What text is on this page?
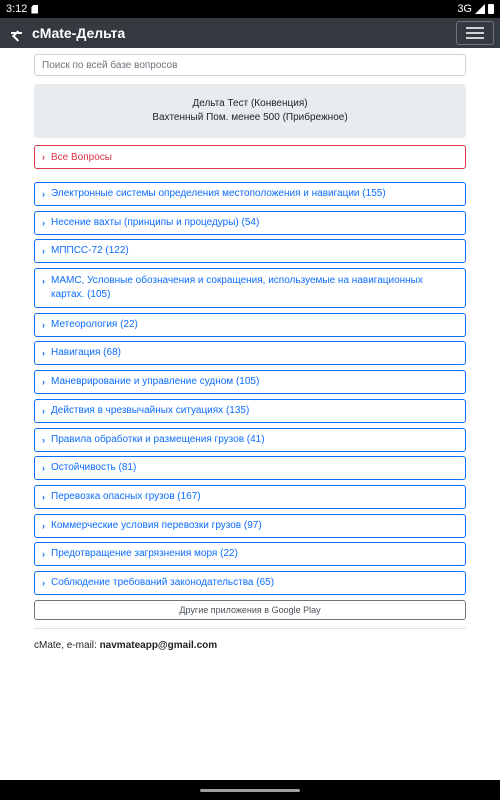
3:12	3G
cMate-Дельта
Поиск по всей базе вопросов
Дельта Тест (Конвенция)
Вахтенный Пом. менее 500 (Прибрежное)
› Все Вопросы
› Электронные системы определения местоположения и навигации (155)
› Несение вахты (принципы и процедуры) (54)
› МППСС-72 (122)
› МАМС, Условные обозначения и сокращения, используемые на навигационных картах. (105)
› Метеорология (22)
› Навигация (68)
› Маневрирование и управление судном (105)
› Действия в чрезвычайных ситуациях (135)
› Правила обработки и размещения грузов (41)
› Остойчивость (81)
› Перевозка опасных грузов (167)
› Коммерческие условия перевозки грузов (97)
› Предотвращение загрязнения моря (22)
› Соблюдение требований законодательства (65)
Другие приложения в Google Play
cMate, e-mail: navmateapp@gmail.com
